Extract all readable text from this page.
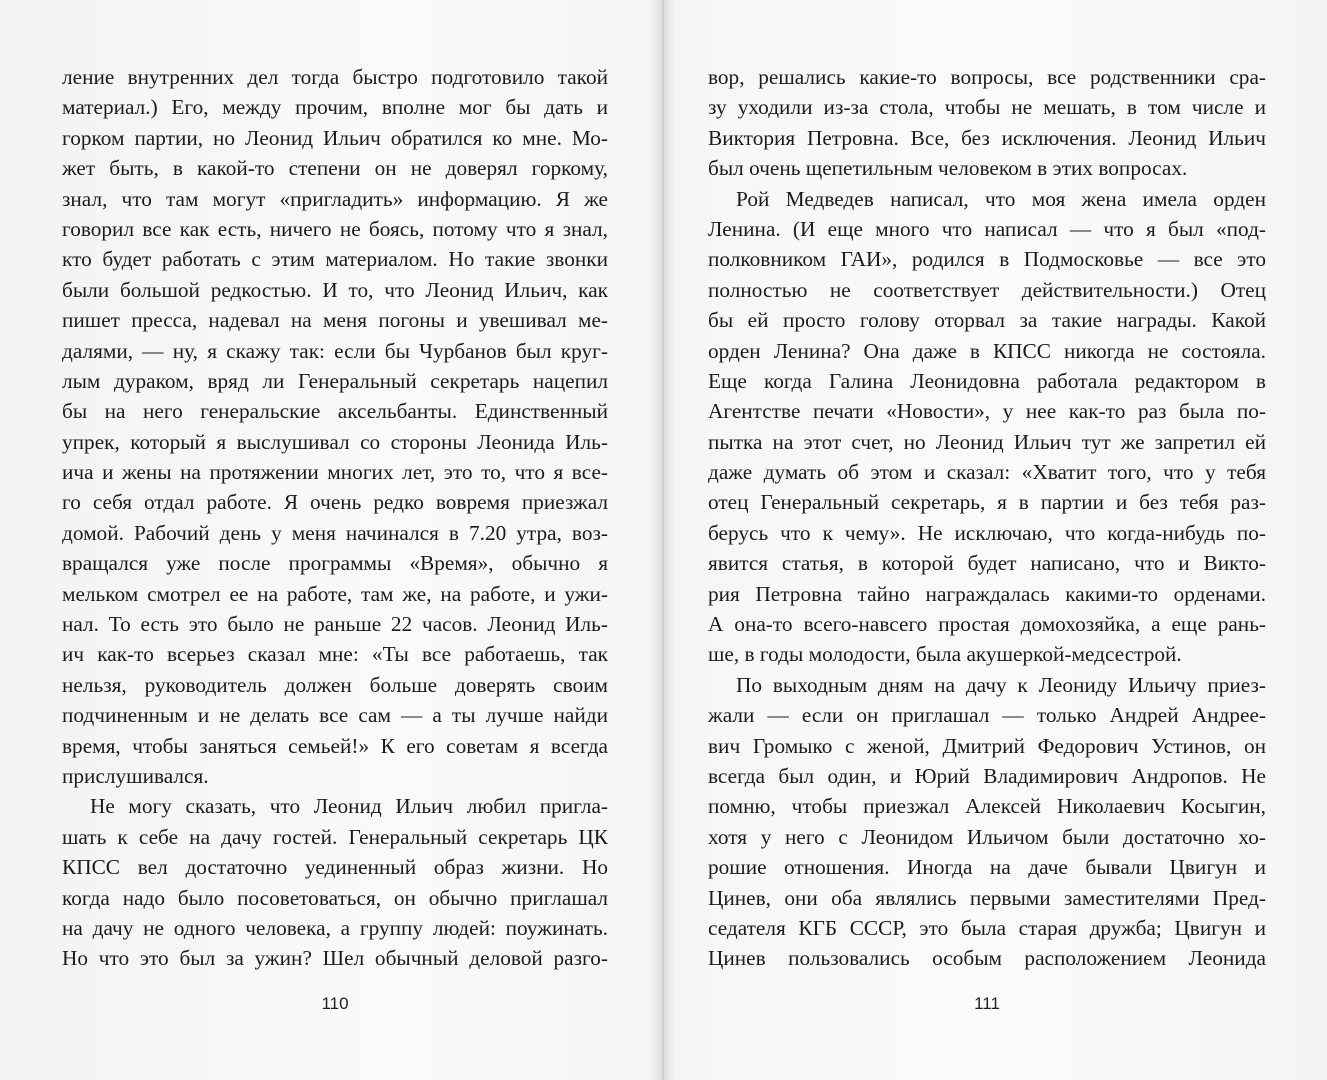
ление внутренних дел тогда быстро подготовило такой
материал.) Его, между прочим, вполне мог бы дать и
горком партии, но Леонид Ильич обратился ко мне. Мо-
жет быть, в какой-то степени он не доверял горкому,
знал, что там могут «пригладить» информацию. Я же
говорил все как есть, ничего не боясь, потому что я знал,
кто будет работать с этим материалом. Но такие звонки
были большой редкостью. И то, что Леонид Ильич, как
пишет пресса, надевал на меня погоны и увешивал ме-
далями, — ну, я скажу так: если бы Чурбанов был круг-
лым дураком, вряд ли Генеральный секретарь нацепил
бы на него генеральские аксельбанты. Единственный
упрек, который я выслушивал со стороны Леонида Иль-
ича и жены на протяжении многих лет, это то, что я все-
го себя отдал работе. Я очень редко вовремя приезжал
домой. Рабочий день у меня начинался в 7.20 утра, воз-
вращался уже после программы «Время», обычно я
мельком смотрел ее на работе, там же, на работе, и ужи-
нал. То есть это было не раньше 22 часов. Леонид Иль-
ич как-то всерьез сказал мне: «Ты все работаешь, так
нельзя, руководитель должен больше доверять своим
подчиненным и не делать все сам — а ты лучше найди
время, чтобы заняться семьей!» К его советам я всегда
прислушивался.
Не могу сказать, что Леонид Ильич любил пригла-
шать к себе на дачу гостей. Генеральный секретарь ЦК
КПСС вел достаточно уединенный образ жизни. Но
когда надо было посоветоваться, он обычно приглашал
на дачу не одного человека, а группу людей: поужинать.
Но что это был за ужин? Шел обычный деловой разго-
вор, решались какие-то вопросы, все родственники сра-
зу уходили из-за стола, чтобы не мешать, в том числе и
Виктория Петровна. Все, без исключения. Леонид Ильич
был очень щепетильным человеком в этих вопросах.
Рой Медведев написал, что моя жена имела орден
Ленина. (И еще много что написал — что я был «под-
полковником ГАИ», родился в Подмосковье — все это
полностью не соответствует действительности.) Отец
бы ей просто голову оторвал за такие награды. Какой
орден Ленина? Она даже в КПСС никогда не состояла.
Еще когда Галина Леонидовна работала редактором в
Агентстве печати «Новости», у нее как-то раз была по-
пытка на этот счет, но Леонид Ильич тут же запретил ей
даже думать об этом и сказал: «Хватит того, что у тебя
отец Генеральный секретарь, я в партии и без тебя раз-
берусь что к чему». Не исключаю, что когда-нибудь по-
явится статья, в которой будет написано, что и Викто-
рия Петровна тайно награждалась какими-то орденами.
А она-то всего-навсего простая домохозяйка, а еще рань-
ше, в годы молодости, была акушеркой-медсестрой.
По выходным дням на дачу к Леониду Ильичу приез-
жали — если он приглашал — только Андрей Андрее-
вич Громыко с женой, Дмитрий Федорович Устинов, он
всегда был один, и Юрий Владимирович Андропов. Не
помню, чтобы приезжал Алексей Николаевич Косыгин,
хотя у него с Леонидом Ильичом были достаточно хо-
рошие отношения. Иногда на даче бывали Цвигун и
Цинев, они оба являлись первыми заместителями Пред-
седателя КГБ СССР, это была старая дружба; Цвигун и
Цинев пользовались особым расположением Леонида
110	111
